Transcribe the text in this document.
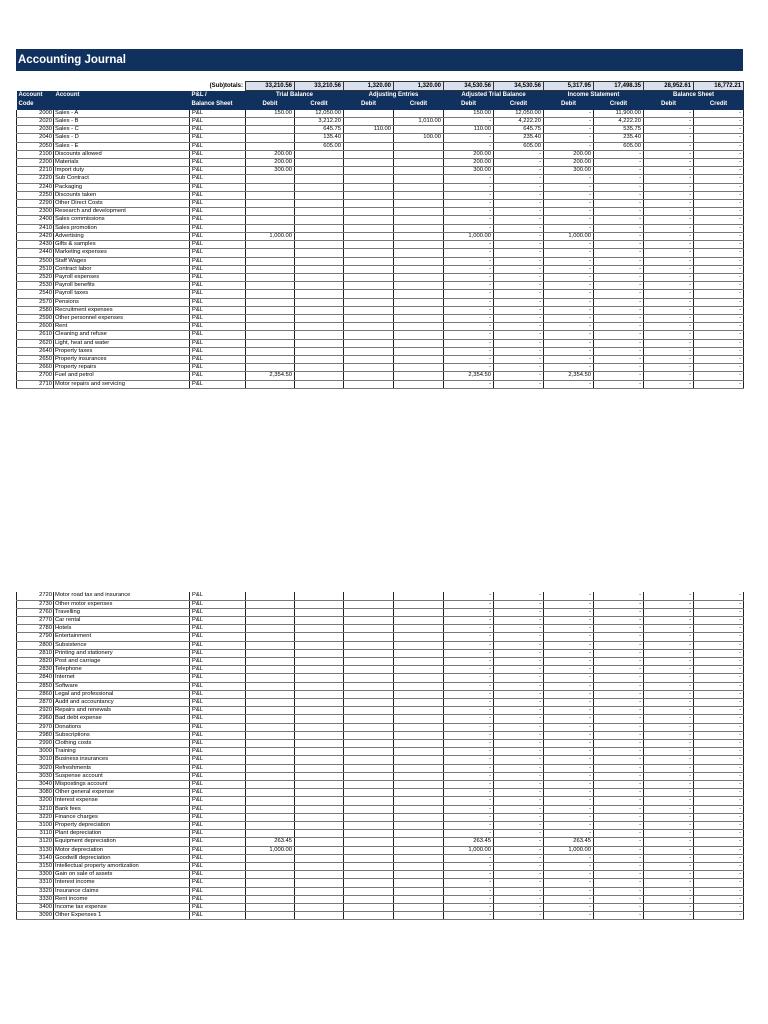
Accounting Journal
		(Sub)totals:	33,210.56	33,210.56	1,320.00	1,320.00	34,530.56	34,530.56	5,317.95	17,498.35	28,952.61	16,772.21
Account	Account	P&L /	Trial Balance		Adjusting Entries		Adjusted Trial Balance		Income Statement		Balance Sheet	
Code		Balance Sheet	Debit	Credit	Debit	Credit	Debit	Credit	Debit	Credit	Debit	Credit
2000	Sales - A	P&L	150.00	12,050.00			150.00	12,050.00	-	11,900.00	-	-
2020	Sales - B	P&L		3,212.20		1,010.00	-	4,222.20	-	4,222.20	-	-
2030	Sales - C	P&L		645.75	110.00		110.00	645.75	-	535.75	-	-
2040	Sales - D	P&L		135.40		100.00	-	235.40	-	235.40	-	-
2050	Sales - E	P&L		605.00			-	605.00	-	605.00	-	-
2100	Discounts allowed	P&L	200.00				200.00	-	200.00	-	-	-
2200	Materials	P&L	200.00				200.00	-	200.00	-	-	-
2210	Import duty	P&L	300.00				300.00	-	300.00	-	-	-
2220	Sub Contract	P&L					-	-	-	-	-	-
2240	Packaging	P&L					-	-	-	-	-	-
2250	Discounts taken	P&L					-	-	-	-	-	-
2290	Other Direct Costs	P&L					-	-	-	-	-	-
2300	Research and development	P&L					-	-	-	-	-	-
2400	Sales commissions	P&L					-	-	-	-	-	-
2410	Sales promotion	P&L					-	-	-	-	-	-
2420	Advertising	P&L	1,000.00				1,000.00	-	1,000.00	-	-	-
2430	Gifts & samples	P&L					-	-	-	-	-	-
2440	Marketing expenses	P&L					-	-	-	-	-	-
2500	Staff Wages	P&L					-	-	-	-	-	-
2510	Contract labor	P&L					-	-	-	-	-	-
2520	Payroll expenses	P&L					-	-	-	-	-	-
2530	Payroll benefits	P&L					-	-	-	-	-	-
2540	Payroll taxes	P&L					-	-	-	-	-	-
2570	Pensions	P&L					-	-	-	-	-	-
2580	Recruitment expenses	P&L					-	-	-	-	-	-
2590	Other personnel expenses	P&L					-	-	-	-	-	-
2600	Rent	P&L					-	-	-	-	-	-
2610	Cleaning and refuse	P&L					-	-	-	-	-	-
2620	Light, heat and water	P&L					-	-	-	-	-	-
2640	Property taxes	P&L					-	-	-	-	-	-
2650	Property insurances	P&L					-	-	-	-	-	-
2660	Property repairs	P&L					-	-	-	-	-	-
2700	Fuel and petrol	P&L	2,354.50				2,354.50	-	2,354.50	-	-	-
2710	Motor repairs and servicing	P&L					-	-	-	-	-	-
2720	Motor road tax and insurance	P&L					-	-	-	-	-	-
2730	Other motor expenses	P&L					-	-	-	-	-	-
2760	Travelling	P&L					-	-	-	-	-	-
2770	Car rental	P&L					-	-	-	-	-	-
2780	Hotels	P&L					-	-	-	-	-	-
2790	Entertainment	P&L					-	-	-	-	-	-
2800	Subsistence	P&L					-	-	-	-	-	-
2810	Printing and stationery	P&L					-	-	-	-	-	-
2820	Post and carriage	P&L					-	-	-	-	-	-
2830	Telephone	P&L					-	-	-	-	-	-
2840	Internet	P&L					-	-	-	-	-	-
2850	Software	P&L					-	-	-	-	-	-
2860	Legal and professional	P&L					-	-	-	-	-	-
2870	Audit and accountancy	P&L					-	-	-	-	-	-
2920	Repairs and renewals	P&L					-	-	-	-	-	-
2960	Bad debt expense	P&L					-	-	-	-	-	-
2970	Donations	P&L					-	-	-	-	-	-
2980	Subscriptions	P&L					-	-	-	-	-	-
2990	Clothing costs	P&L					-	-	-	-	-	-
3000	Training	P&L					-	-	-	-	-	-
3010	Business insurances	P&L					-	-	-	-	-	-
3020	Refreshments	P&L					-	-	-	-	-	-
3030	Suspense account	P&L					-	-	-	-	-	-
3040	Mispostings account	P&L					-	-	-	-	-	-
3080	Other general expense	P&L					-	-	-	-	-	-
3200	Interest expense	P&L					-	-	-	-	-	-
3210	Bank fees	P&L					-	-	-	-	-	-
3220	Finance charges	P&L					-	-	-	-	-	-
3100	Property depreciation	P&L					-	-	-	-	-	-
3110	Plant depreciation	P&L					-	-	-	-	-	-
3120	Equipment depreciation	P&L	263.45				263.45	-	263.45	-	-	-
3130	Motor depreciation	P&L	1,000.00				1,000.00	-	1,000.00	-	-	-
3140	Goodwill depreciation	P&L					-	-	-	-	-	-
3150	Intellectual property amortization	P&L					-	-	-	-	-	-
3300	Gain on sale of assets	P&L					-	-	-	-	-	-
3310	Interest income	P&L					-	-	-	-	-	-
3320	Insurance claims	P&L					-	-	-	-	-	-
3330	Rent income	P&L					-	-	-	-	-	-
3400	Income tax expense	P&L					-	-	-	-	-	-
3090	Other Expenses 1	P&L					-	-	-	-	-	-
